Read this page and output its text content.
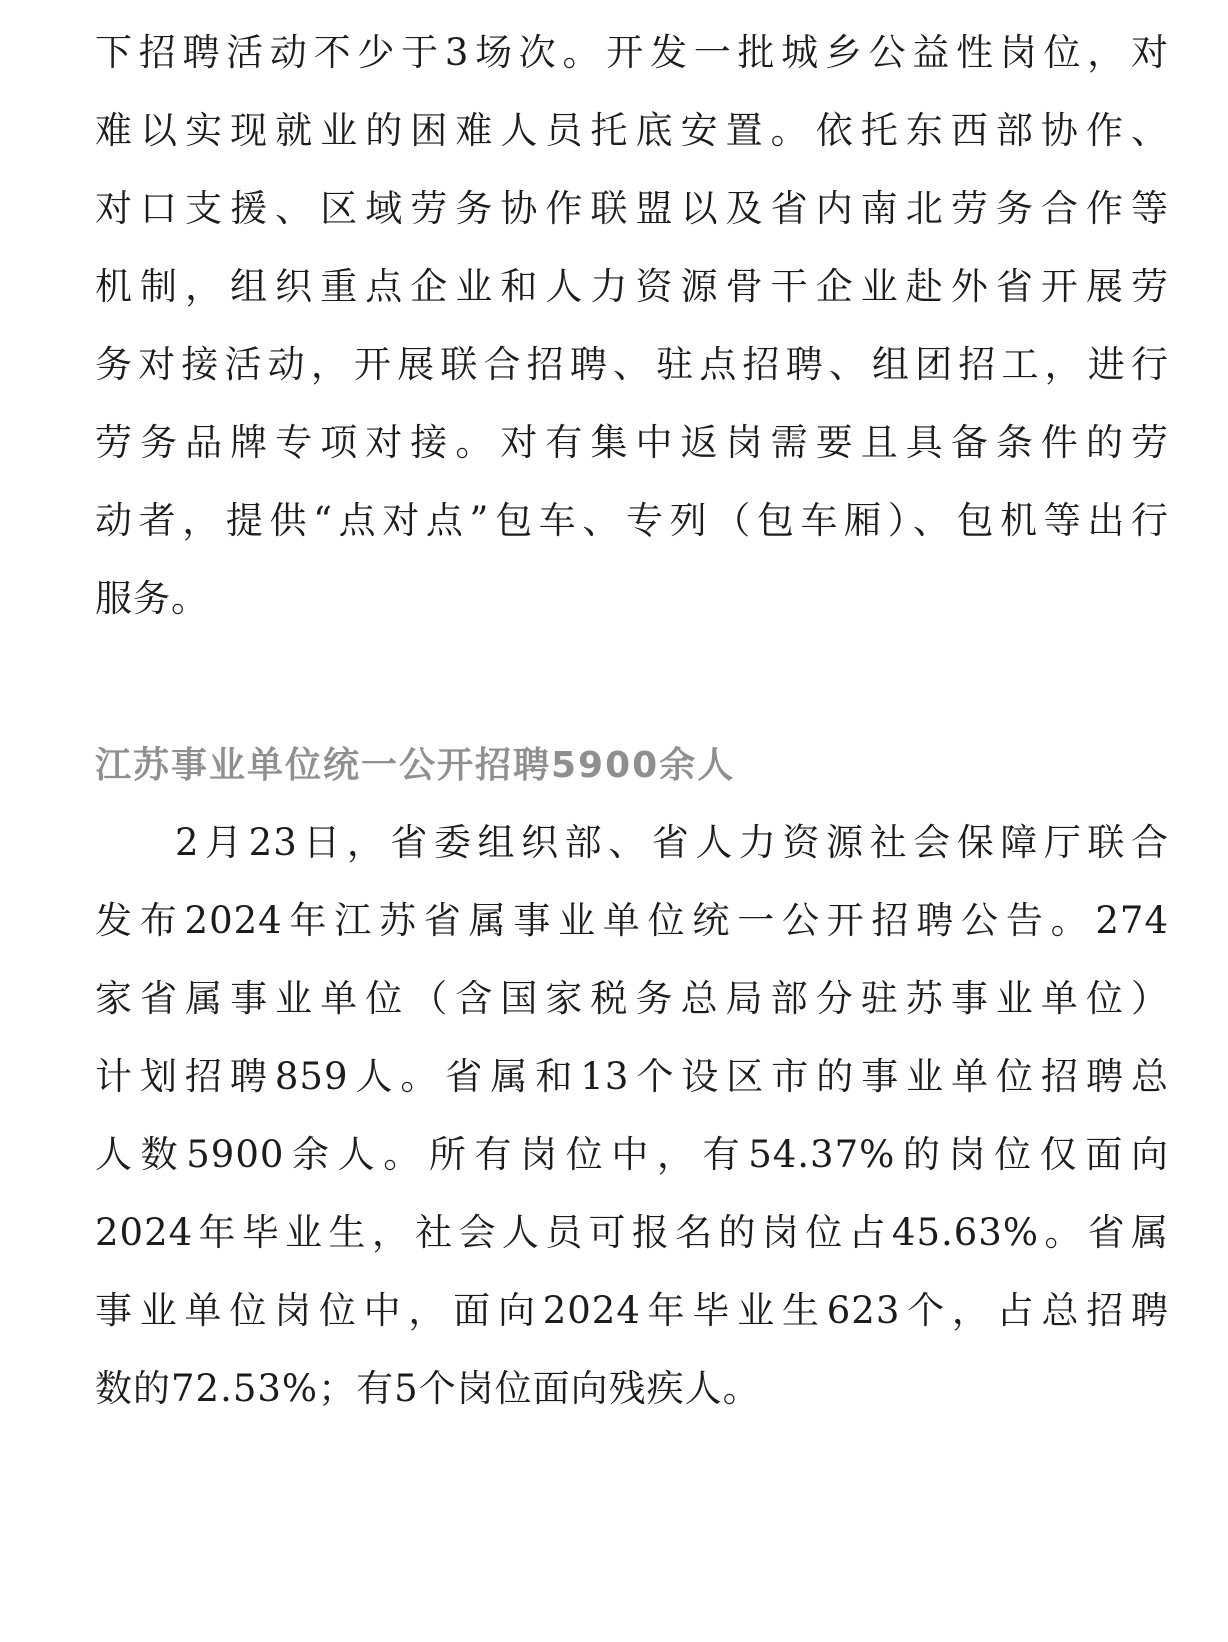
下招聘活动不少于3场次。开发一批城乡公益性岗位，对

难以实现就业的困难人员托底安置。依托东西部协作、

对口支援、区域劳务协作联盟以及省内南北劳务合作等

机制，组织重点企业和人力资源骨干企业赴外省开展劳

务对接活动，开展联合招聘、驻点招聘、组团招工，进行

劳务品牌专项对接。对有集中返岗需要且具备条件的劳

动者，提供“点对点”包车、专列（包车厢）、包机等出行

服务。

江苏事业单位统一公开招聘5900余人

2月23日，省委组织部、省人力资源社会保障厅联合

发布2024年江苏省属事业单位统一公开招聘公告。274

家省属事业单位（含国家税务总局部分驻苏事业单位）

计划招聘859人。省属和13个设区市的事业单位招聘总

人数5900余人。所有岗位中，有54.37%的岗位仅面向

2024年毕业生，社会人员可报名的岗位占45.63%。省属

事业单位岗位中，面向2024年毕业生623个，占总招聘

数的72.53%；有5个岗位面向残疾人。
